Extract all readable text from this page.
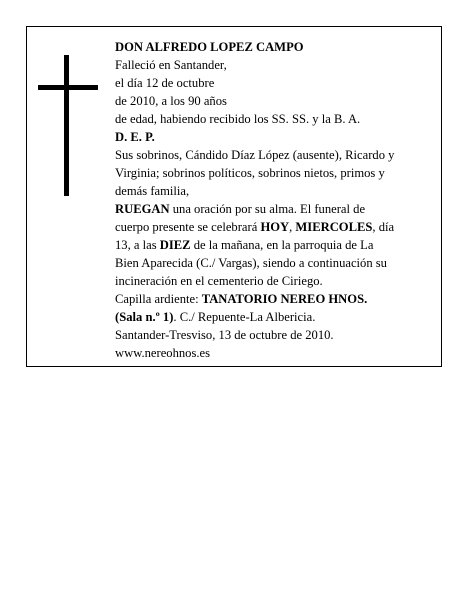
DON ALFREDO LOPEZ CAMPO
Falleció en Santander,
el día 12 de octubre
de 2010, a los 90 años
de edad, habiendo recibido los SS. SS. y la B. A.
D. E. P.
Sus sobrinos, Cándido Díaz López (ausente), Ricardo y
Virginia; sobrinos políticos, sobrinos nietos, primos y
demás familia,
RUEGAN una oración por su alma. El funeral de
cuerpo presente se celebrará HOY, MIERCOLES, día
13, a las DIEZ de la mañana, en la parroquia de La
Bien Aparecida (C./ Vargas), siendo a continuación su
incineración en el cementerio de Ciriego.
Capilla ardiente: TANATORIO NEREO HNOS.
(Sala n.º 1). C./ Repuente-La Albericia.
Santander-Tresviso, 13 de octubre de 2010.
www.nereohnos.es
